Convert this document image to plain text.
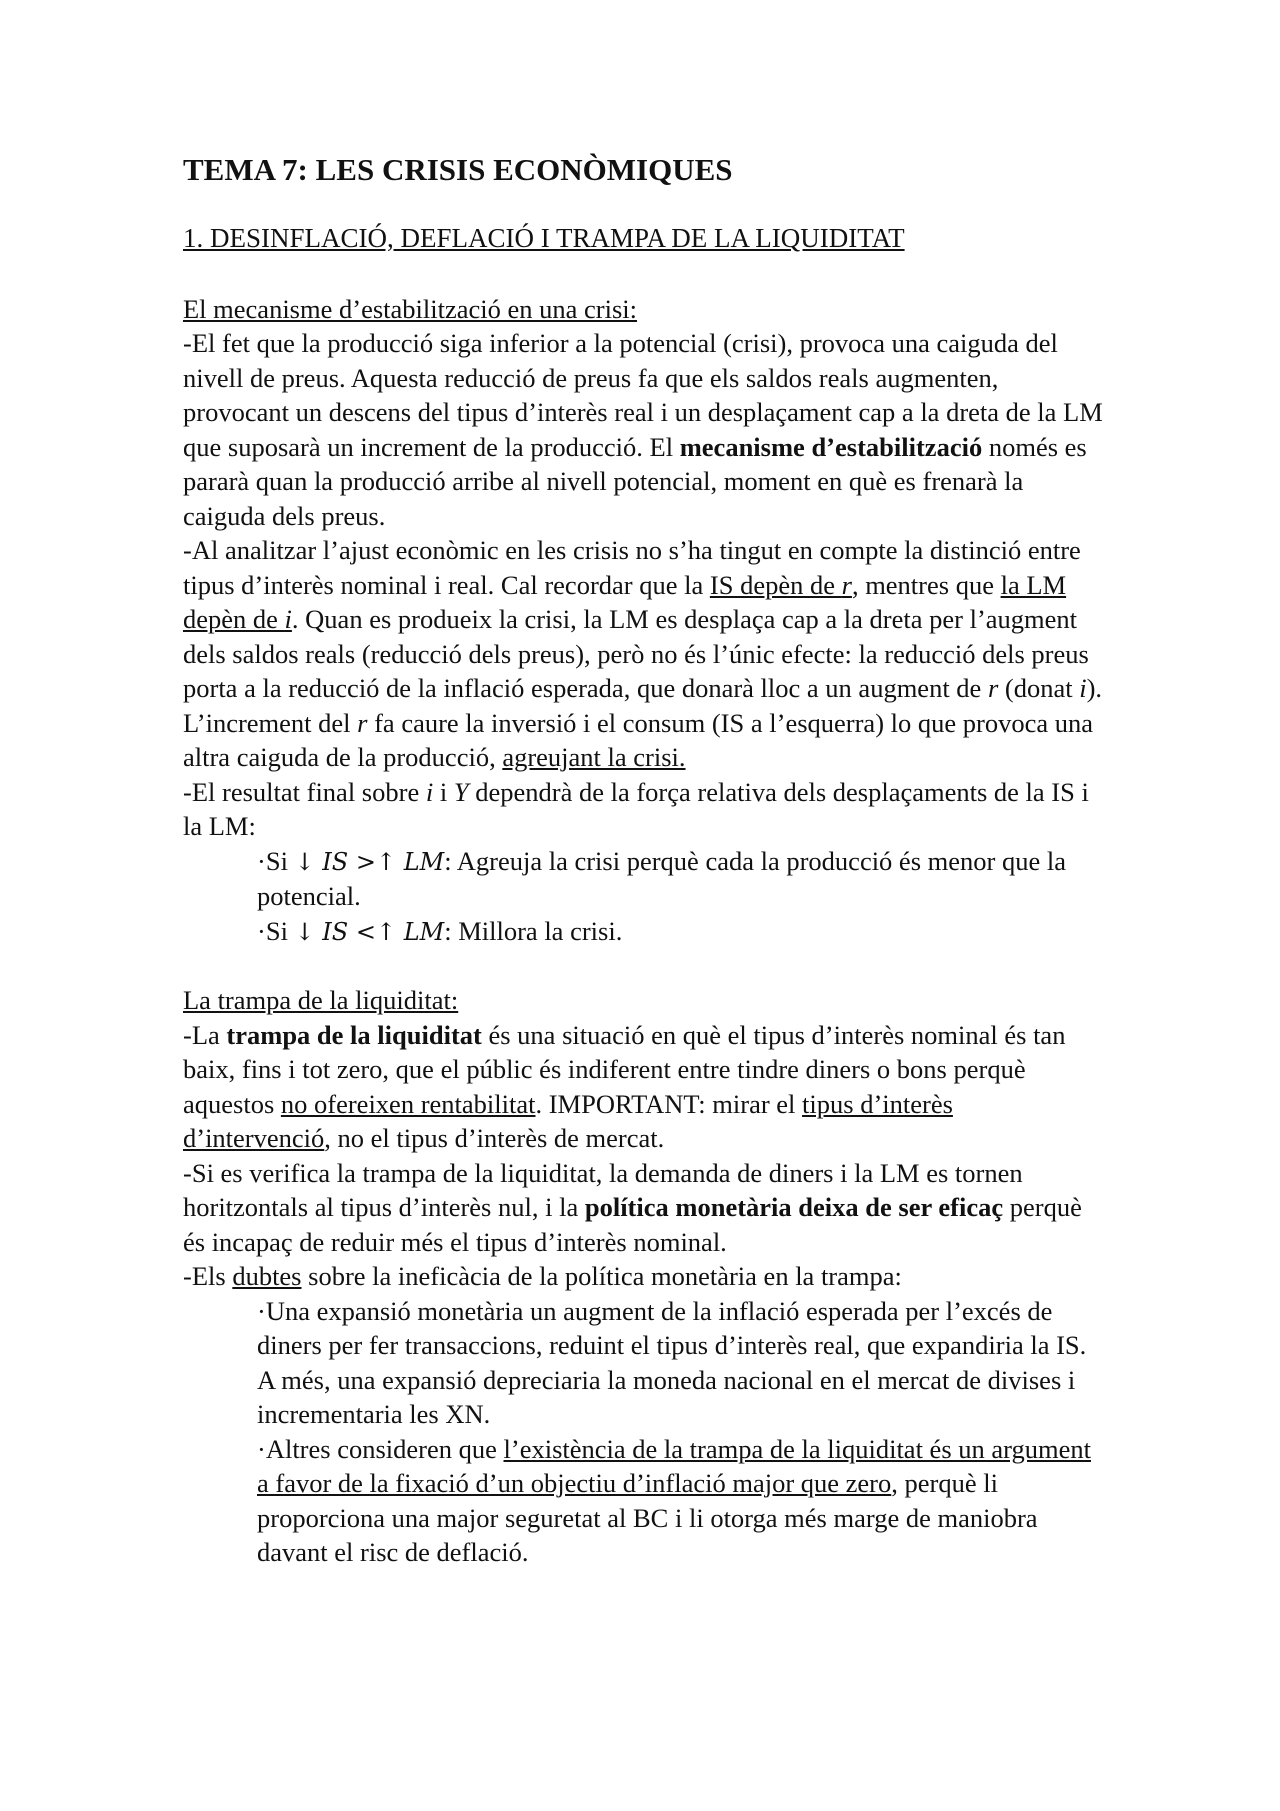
TEMA 7: LES CRISIS ECONÒMIQUES
1. DESINFLACIÓ, DEFLACIÓ I TRAMPA DE LA LIQUIDITAT

El mecanisme d’estabilització en una crisi:

-El fet que la producció siga inferior a la potencial (crisi), provoca una caiguda del nivell de preus. Aquesta reducció de preus fa que els saldos reals augmenten, provocant un descens del tipus d’interès real i un desplaçament cap a la dreta de la LM que suposarà un increment de la producció. El mecanisme d’estabilització només es pararà quan la producció arribe al nivell potencial, moment en què es frenarà la caiguda dels preus.

-Al analitzar l’ajust econòmic en les crisis no s’ha tingut en compte la distinció entre tipus d’interès nominal i real. Cal recordar que la IS depèn de r, mentres que la LM depèn de i. Quan es produeix la crisi, la LM es desplaça cap a la dreta per l’augment dels saldos reals (reducció dels preus), però no és l’únic efecte: la reducció dels preus porta a la reducció de la inflació esperada, que donarà lloc a un augment de r (donat i). L’increment del r fa caure la inversió i el consum (IS a l’esquerra) lo que provoca una altra caiguda de la producció, agreujant la crisi.

-El resultat final sobre i i Y dependrà de la força relativa dels desplaçaments de la IS i la LM:

·Si ↓ IS >↑ LM: Agreuja la crisi perquè cada la producció és menor que la potencial.

·Si ↓ IS <↑ LM: Millora la crisi.

La trampa de la liquiditat:

-La trampa de la liquiditat és una situació en què el tipus d’interès nominal és tan baix, fins i tot zero, que el públic és indiferent entre tindre diners o bons perquè aquestos no ofereixen rentabilitat. IMPORTANT: mirar el tipus d’interès d’intervenció, no el tipus d’interès de mercat.

-Si es verifica la trampa de la liquiditat, la demanda de diners i la LM es tornen horitzontals al tipus d’interès nul, i la política monetària deixa de ser eficaç perquè és incapaç de reduir més el tipus d’interès nominal.

-Els dubtes sobre la ineficàcia de la política monetària en la trampa:

·Una expansió monetària un augment de la inflació esperada per l’excés de diners per fer transaccions, reduint el tipus d’interès real, que expandiria la IS. A més, una expansió depreciaria la moneda nacional en el mercat de divises i incrementaria les XN.

·Altres consideren que l’existència de la trampa de la liquiditat és un argument a favor de la fixació d’un objectiu d’inflació major que zero, perquè li proporciona una major seguretat al BC i li otorga més marge de maniobra davant el risc de deflació.
